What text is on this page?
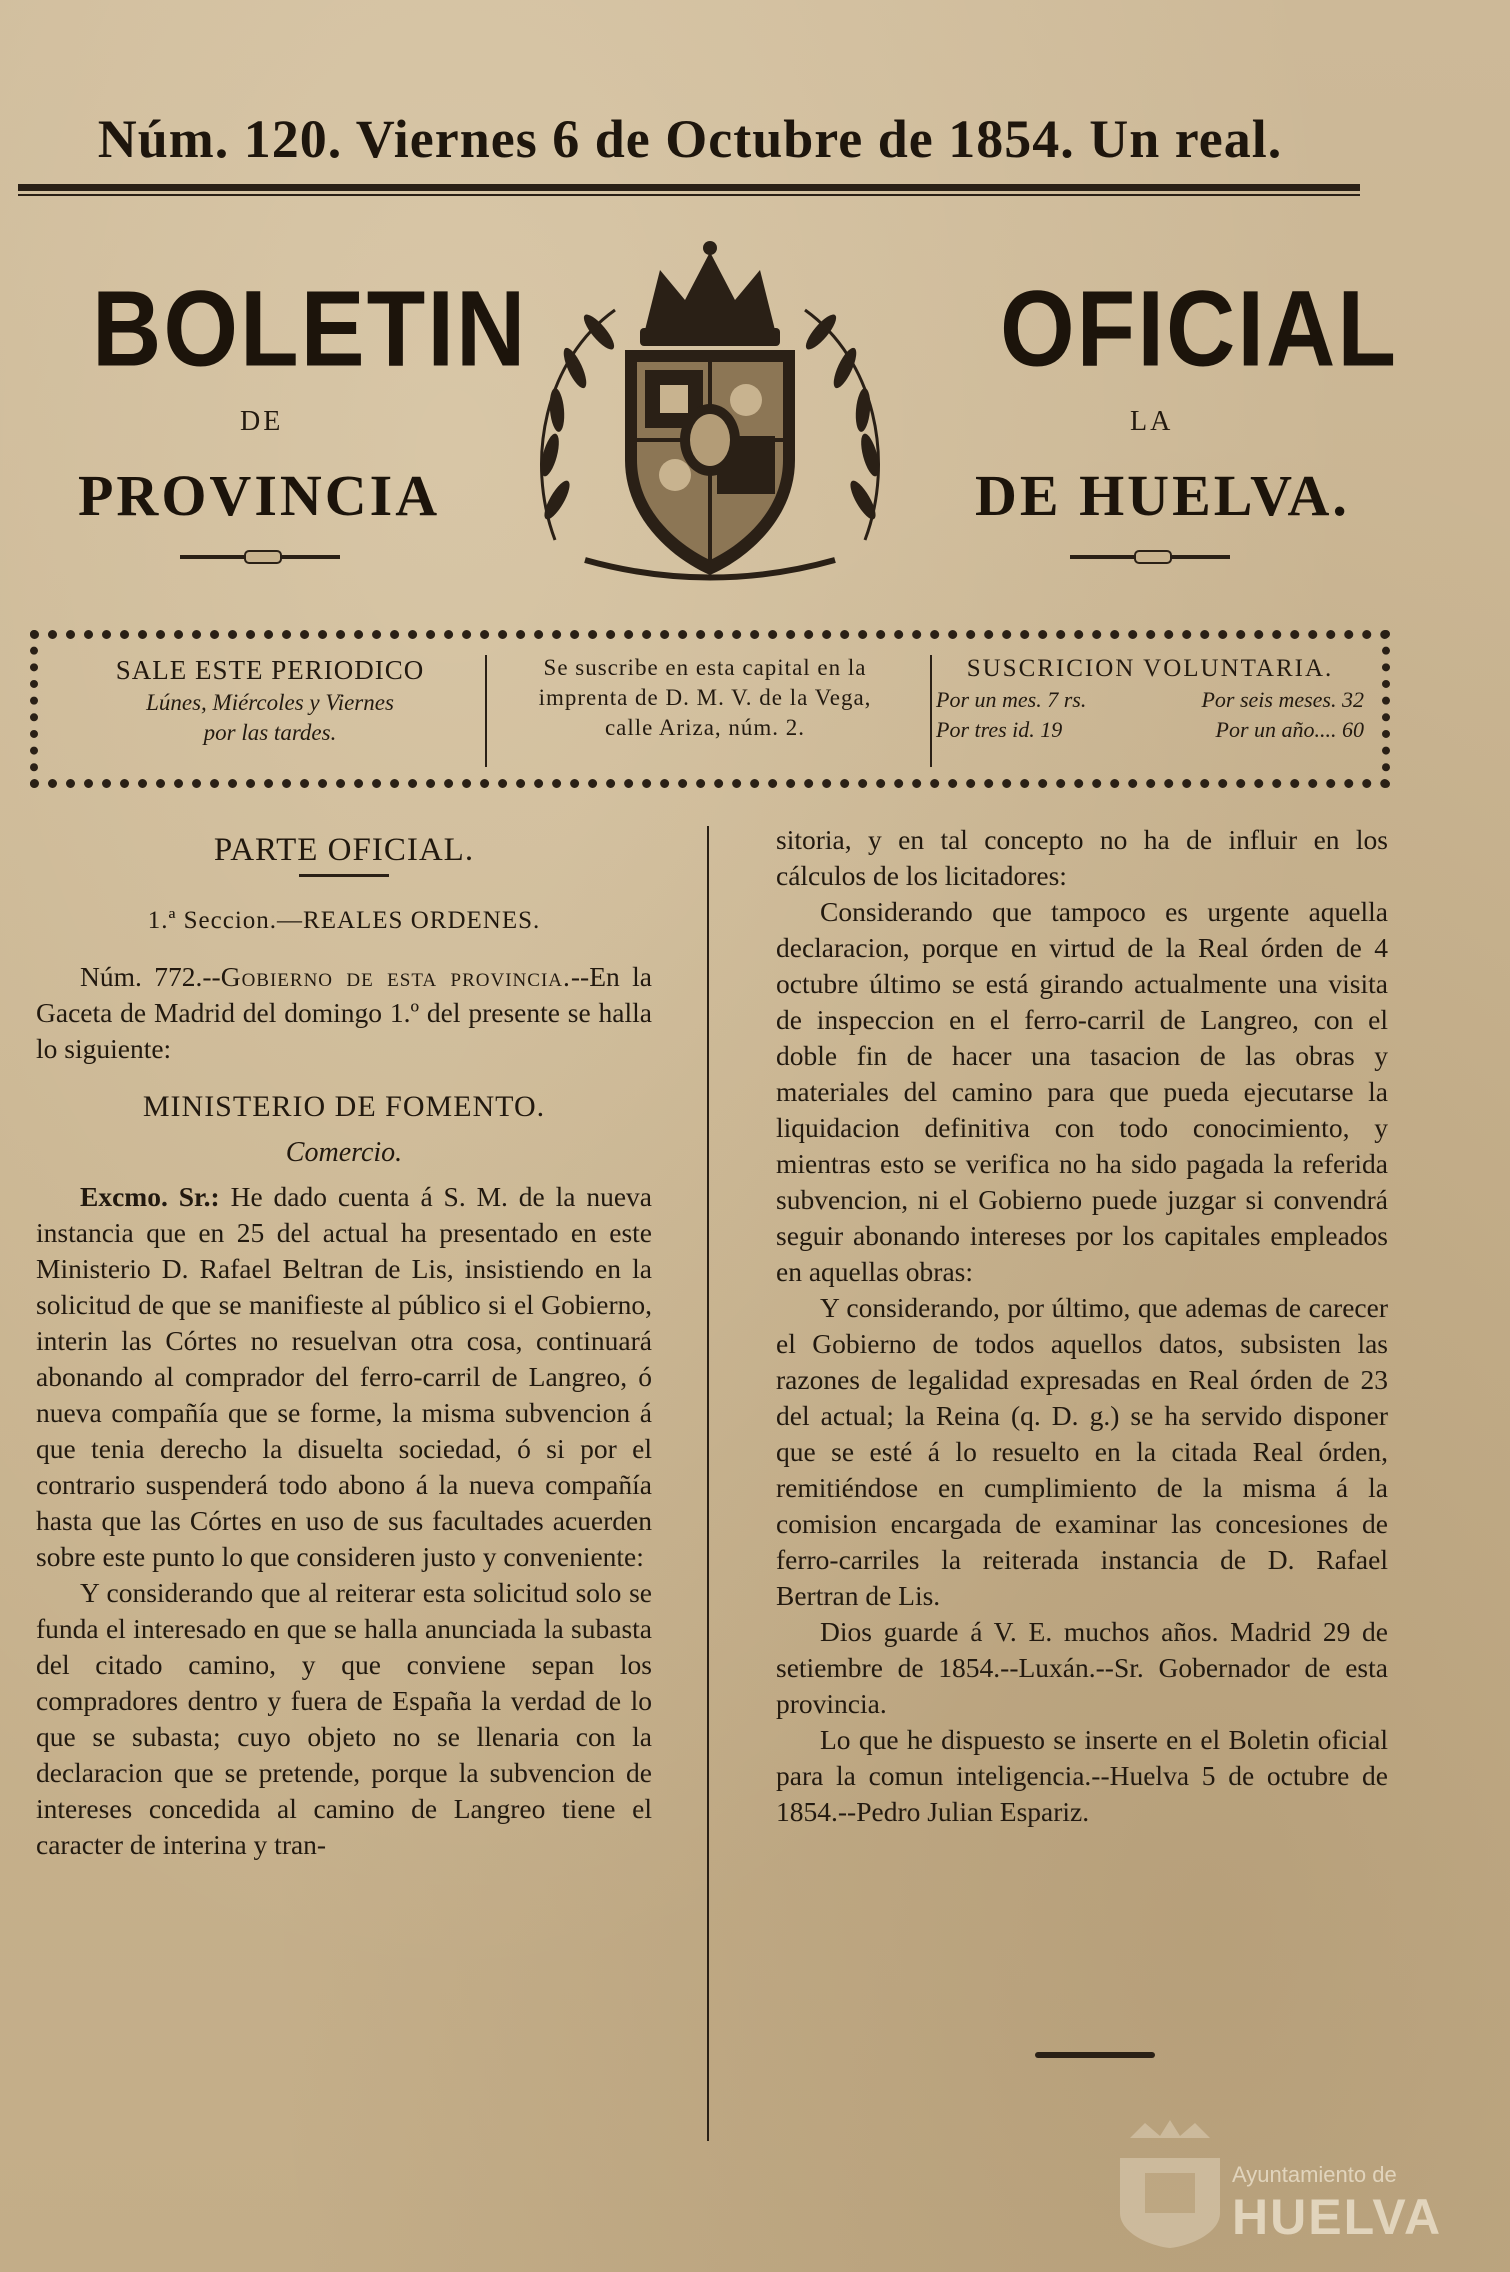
Núm. 120. Viernes 6 de Octubre de 1854. Un real.
BOLETIN	OFICIAL
DE	LA
PROVINCIA	DE HUELVA.
SALE ESTE PERIODICO
Lúnes, Miércoles y Viernes
por las tardes.
Se suscribe en esta capital en la
imprenta de D. M. V. de la Vega,
calle Ariza, núm. 2.
SUSCRICION VOLUNTARIA.
Por un mes. 7 rs.	Por seis meses. 32
Por tres id. 19	Por un año.... 60

PARTE OFICIAL.

1.ª Seccion.—REALES ORDENES.

Núm. 772.--Gobierno de esta provincia.--En la Gaceta de Madrid del domingo 1.º del presente se halla lo siguiente:

MINISTERIO DE FOMENTO.

Comercio.

Excmo. Sr.: He dado cuenta á S. M. de la nueva instancia que en 25 del actual ha presentado en este Ministerio D. Rafael Beltran de Lis, insistiendo en la solicitud de que se manifieste al público si el Gobierno, interin las Córtes no resuelvan otra cosa, continuará abonando al comprador del ferro-carril de Langreo, ó nueva compañía que se forme, la misma subvencion á que tenia derecho la disuelta sociedad, ó si por el contrario suspenderá todo abono á la nueva compañía hasta que las Córtes en uso de sus facultades acuerden sobre este punto lo que consideren justo y conveniente:

Y considerando que al reiterar esta solicitud solo se funda el interesado en que se halla anunciada la subasta del citado camino, y que conviene sepan los compradores dentro y fuera de España la verdad de lo que se subasta; cuyo objeto no se llenaria con la declaracion que se pretende, porque la subvencion de intereses concedida al camino de Langreo tiene el caracter de interina y tran-

sitoria, y en tal concepto no ha de influir en los cálculos de los licitadores:

Considerando que tampoco es urgente aquella declaracion, porque en virtud de la Real órden de 4 octubre último se está girando actualmente una visita de inspeccion en el ferro-carril de Langreo, con el doble fin de hacer una tasacion de las obras y materiales del camino para que pueda ejecutarse la liquidacion definitiva con todo conocimiento, y mientras esto se verifica no ha sido pagada la referida subvencion, ni el Gobierno puede juzgar si convendrá seguir abonando intereses por los capitales empleados en aquellas obras:

Y considerando, por último, que ademas de carecer el Gobierno de todos aquellos datos, subsisten las razones de legalidad expresadas en Real órden de 23 del actual; la Reina (q. D. g.) se ha servido disponer que se esté á lo resuelto en la citada Real órden, remitiéndose en cumplimiento de la misma á la comision encargada de examinar las concesiones de ferro-carriles la reiterada instancia de D. Rafael Bertran de Lis.

Dios guarde á V. E. muchos años. Madrid 29 de setiembre de 1854.--Luxán.--Sr. Gobernador de esta provincia.

Lo que he dispuesto se inserte en el Boletin oficial para la comun inteligencia.--Huelva 5 de octubre de 1854.--Pedro Julian Espariz.

Ayuntamiento de
HUELVA
